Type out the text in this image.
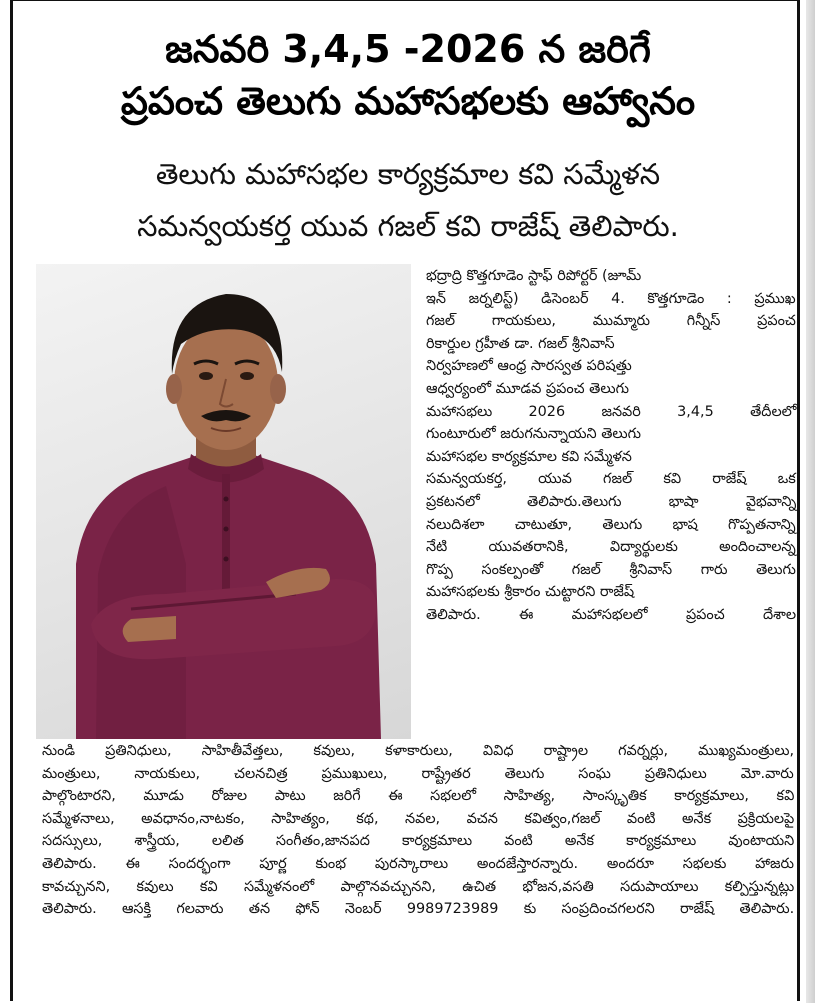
జనవరి 3,4,5 -2026 న జరిగే
ప్రపంచ తెలుగు మహాసభలకు ఆహ్వానం
తెలుగు మహాసభల కార్యక్రమాల కవి సమ్మేళన
సమన్వయకర్త యువ గజల్ కవి రాజేష్ తెలిపారు.
భద్రాద్రి కొత్తగూడెం స్టాఫ్ రిపోర్టర్ (జూమ్
ఇన్ జర్నలిస్ట్) డిసెంబర్ 4. కొత్తగూడెం : ప్రముఖ
గజల్ గాయకులు, ముమ్మారు గిన్నీస్ ప్రపంచ
రికార్డుల గ్రహీత డా. గజల్ శ్రీనివాస్
నిర్వహణలో ఆంధ్ర సారస్వత పరిషత్తు
ఆధ్వర్యంలో మూడవ ప్రపంచ తెలుగు
మహాసభలు 2026 జనవరి 3,4,5 తేదీలలో
గుంటూరులో జరుగనున్నాయని తెలుగు
మహాసభల కార్యక్రమాల కవి సమ్మేళన
సమన్వయకర్త, యువ గజల్ కవి రాజేష్ ఒక
ప్రకటనలో తెలిపారు.తెలుగు భాషా వైభవాన్ని
నలుదిశలా చాటుతూ, తెలుగు భాష గొప్పతనాన్ని
నేటి యువతరానికి, విద్యార్థులకు అందించాలన్న
గొప్ప సంకల్పంతో గజల్ శ్రీనివాస్ గారు తెలుగు
మహాసభలకు శ్రీకారం చుట్టారని రాజేష్
తెలిపారు. ఈ మహాసభలలో ప్రపంచ దేశాల
నుండి ప్రతినిధులు, సాహితీవేత్తలు, కవులు, కళాకారులు, వివిధ రాష్ట్రాల గవర్నర్లు, ముఖ్యమంత్రులు,
మంత్రులు, నాయకులు, చలనచిత్ర ప్రముఖులు, రాష్ట్రేతర తెలుగు సంఘ ప్రతినిధులు మో.వారు
పాల్గొంటారని, మూడు రోజుల పాటు జరిగే ఈ సభలలో సాహిత్య, సాంస్కృతిక కార్యక్రమాలు, కవి
సమ్మేళనాలు, అవధానం,నాటకం, సాహిత్యం, కథ, నవల, వచన కవిత్వం,గజల్ వంటి అనేక ప్రక్రియలపై
సదస్సులు, శాస్త్రీయ, లలిత సంగీతం,జానపద కార్యక్రమాలు వంటి అనేక కార్యక్రమాలు వుంటాయని
తెలిపారు. ఈ సందర్భంగా పూర్ణ కుంభ పురస్కారాలు అందజేస్తారన్నారు. అందరూ సభలకు హాజరు
కావచ్చునని, కవులు కవి సమ్మేళనంలో పాల్గొనవచ్చునని, ఉచిత భోజన,వసతి సదుపాయాలు కల్పిస్తున్నట్లు
తెలిపారు. ఆసక్తి గలవారు తన ఫోన్ నెంబర్ 9989723989 కు సంప్రదించగలరని రాజేష్ తెలిపారు.
